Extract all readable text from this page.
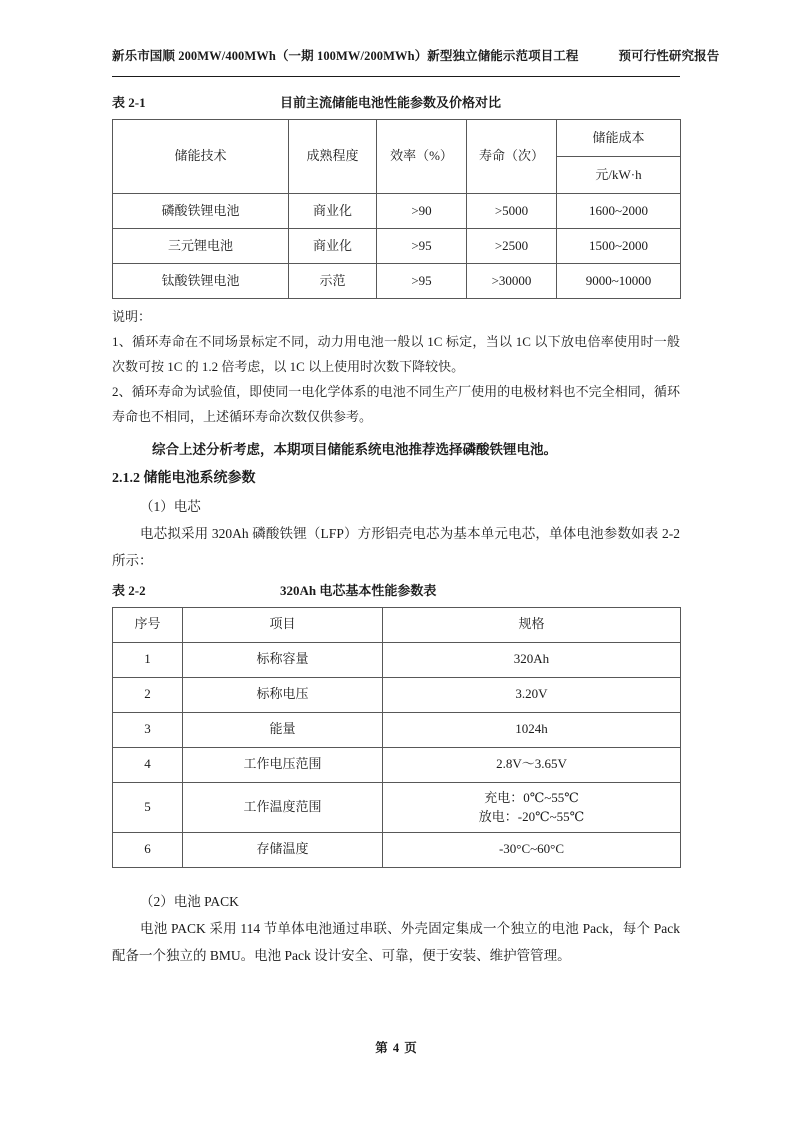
新乐市国顺 200MW/400MWh（一期 100MW/200MWh）新型独立储能示范项目工程	预可行性研究报告
表 2-1	目前主流储能电池性能参数及价格对比
储能技术	成熟程度	效率（%）	寿命（次）	储能成本
				元/kW·h
磷酸铁锂电池	商业化	>90	>5000	1600~2000
三元锂电池	商业化	>95	>2500	1500~2000
钛酸铁锂电池	示范	>95	>30000	9000~10000

说明：

1、循环寿命在不同场景标定不同，动力用电池一般以 1C 标定，当以 1C 以下放电倍率使用时一般次数可按 1C 的 1.2 倍考虑，以 1C 以上使用时次数下降较快。

2、循环寿命为试验值，即使同一电化学体系的电池不同生产厂使用的电极材料也不完全相同，循环寿命也不相同，上述循环寿命次数仅供参考。

综合上述分析考虑，本期项目储能系统电池推荐选择磷酸铁锂电池。

2.1.2 储能电池系统参数

（1）电芯

电芯拟采用 320Ah 磷酸铁锂（LFP）方形铝壳电芯为基本单元电芯，单体电池参数如表 2-2 所示：

表 2-2	320Ah 电芯基本性能参数表
序号	项目	规格
1	标称容量	320Ah
2	标称电压	3.20V
3	能量	1024h
4	工作电压范围	2.8V～3.65V
5	工作温度范围	充电：0℃~55℃
放电：-20℃~55℃

6	存储温度	-30°C~60°C

（2）电池 PACK

电池 PACK 采用 114 节单体电池通过串联、外壳固定集成一个独立的电池 Pack，每个 Pack 配备一个独立的 BMU。电池 Pack 设计安全、可靠，便于安装、维护管管理。

第 4 页
